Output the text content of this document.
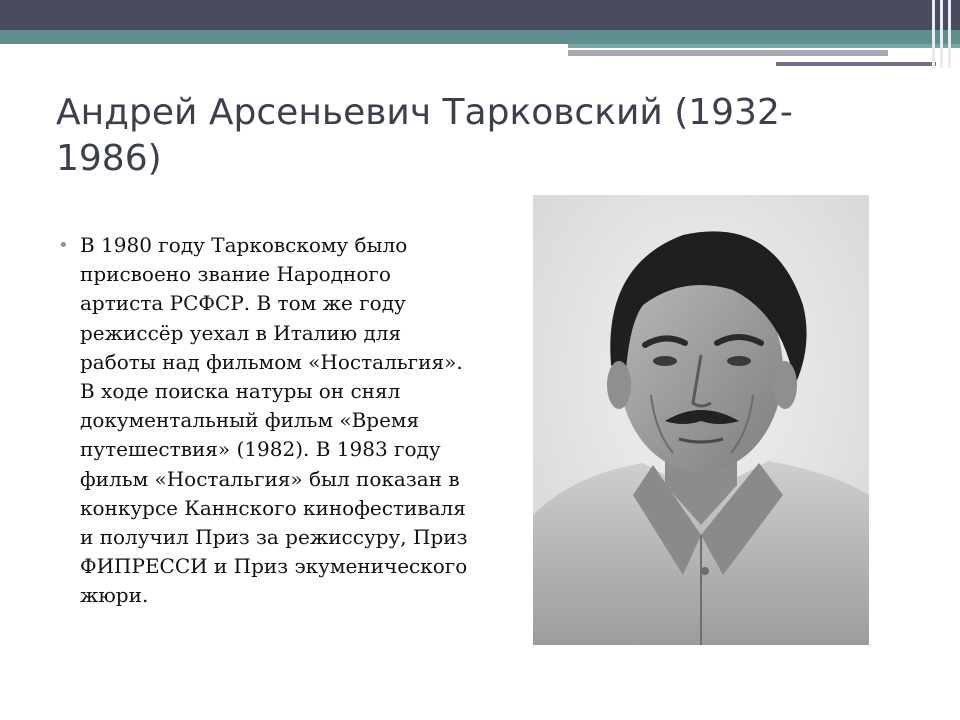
Андрей Арсеньевич Тарковский (1932-1986)
• В 1980 году Тарковскому было присвоено звание Народного артиста РСФСР. В том же году режиссёр уехал в Италию для работы над фильмом «Ностальгия». В ходе поиска натуры он снял документальный фильм «Время путешествия» (1982). В 1983 году фильм «Ностальгия» был показан в конкурсе Каннского кинофестиваля и получил Приз за режиссуру, Приз ФИПРЕССИ и Приз экуменического жюри.
